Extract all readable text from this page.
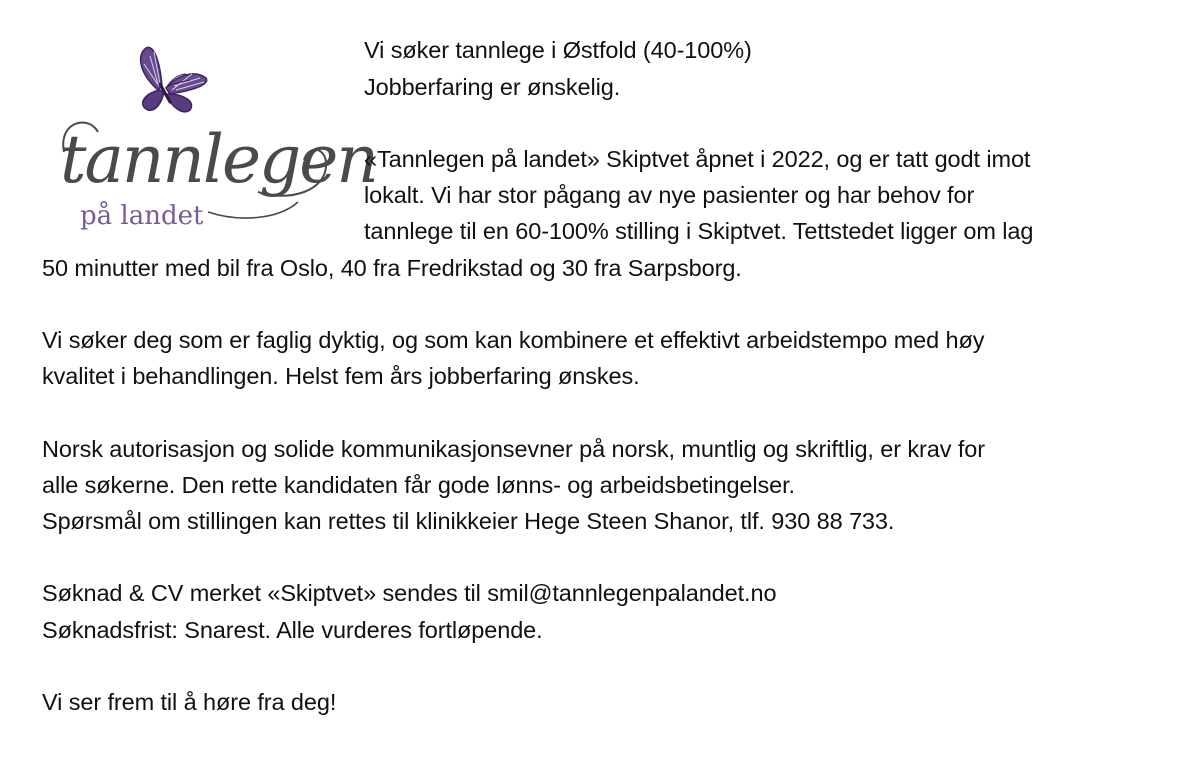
tannlegen
på landet
Vi søker tannlege i Østfold (40-100%)
Jobberfaring er ønskelig.
«Tannlegen på landet» Skiptvet åpnet i 2022, og er tatt godt imot
lokalt. Vi har stor pågang av nye pasienter og har behov for
tannlege til en 60-100% stilling i Skiptvet. Tettstedet ligger om lag
50 minutter med bil fra Oslo, 40 fra Fredrikstad og 30 fra Sarpsborg.
Vi søker deg som er faglig dyktig, og som kan kombinere et effektivt arbeidstempo med høy
kvalitet i behandlingen. Helst fem års jobberfaring ønskes.
Norsk autorisasjon og solide kommunikasjonsevner på norsk, muntlig og skriftlig, er krav for
alle søkerne. Den rette kandidaten får gode lønns- og arbeidsbetingelser.
Spørsmål om stillingen kan rettes til klinikkeier Hege Steen Shanor, tlf. 930 88 733.
Søknad & CV merket «Skiptvet» sendes til smil@tannlegenpalandet.no
Søknadsfrist: Snarest. Alle vurderes fortløpende.
Vi ser frem til å høre fra deg!
